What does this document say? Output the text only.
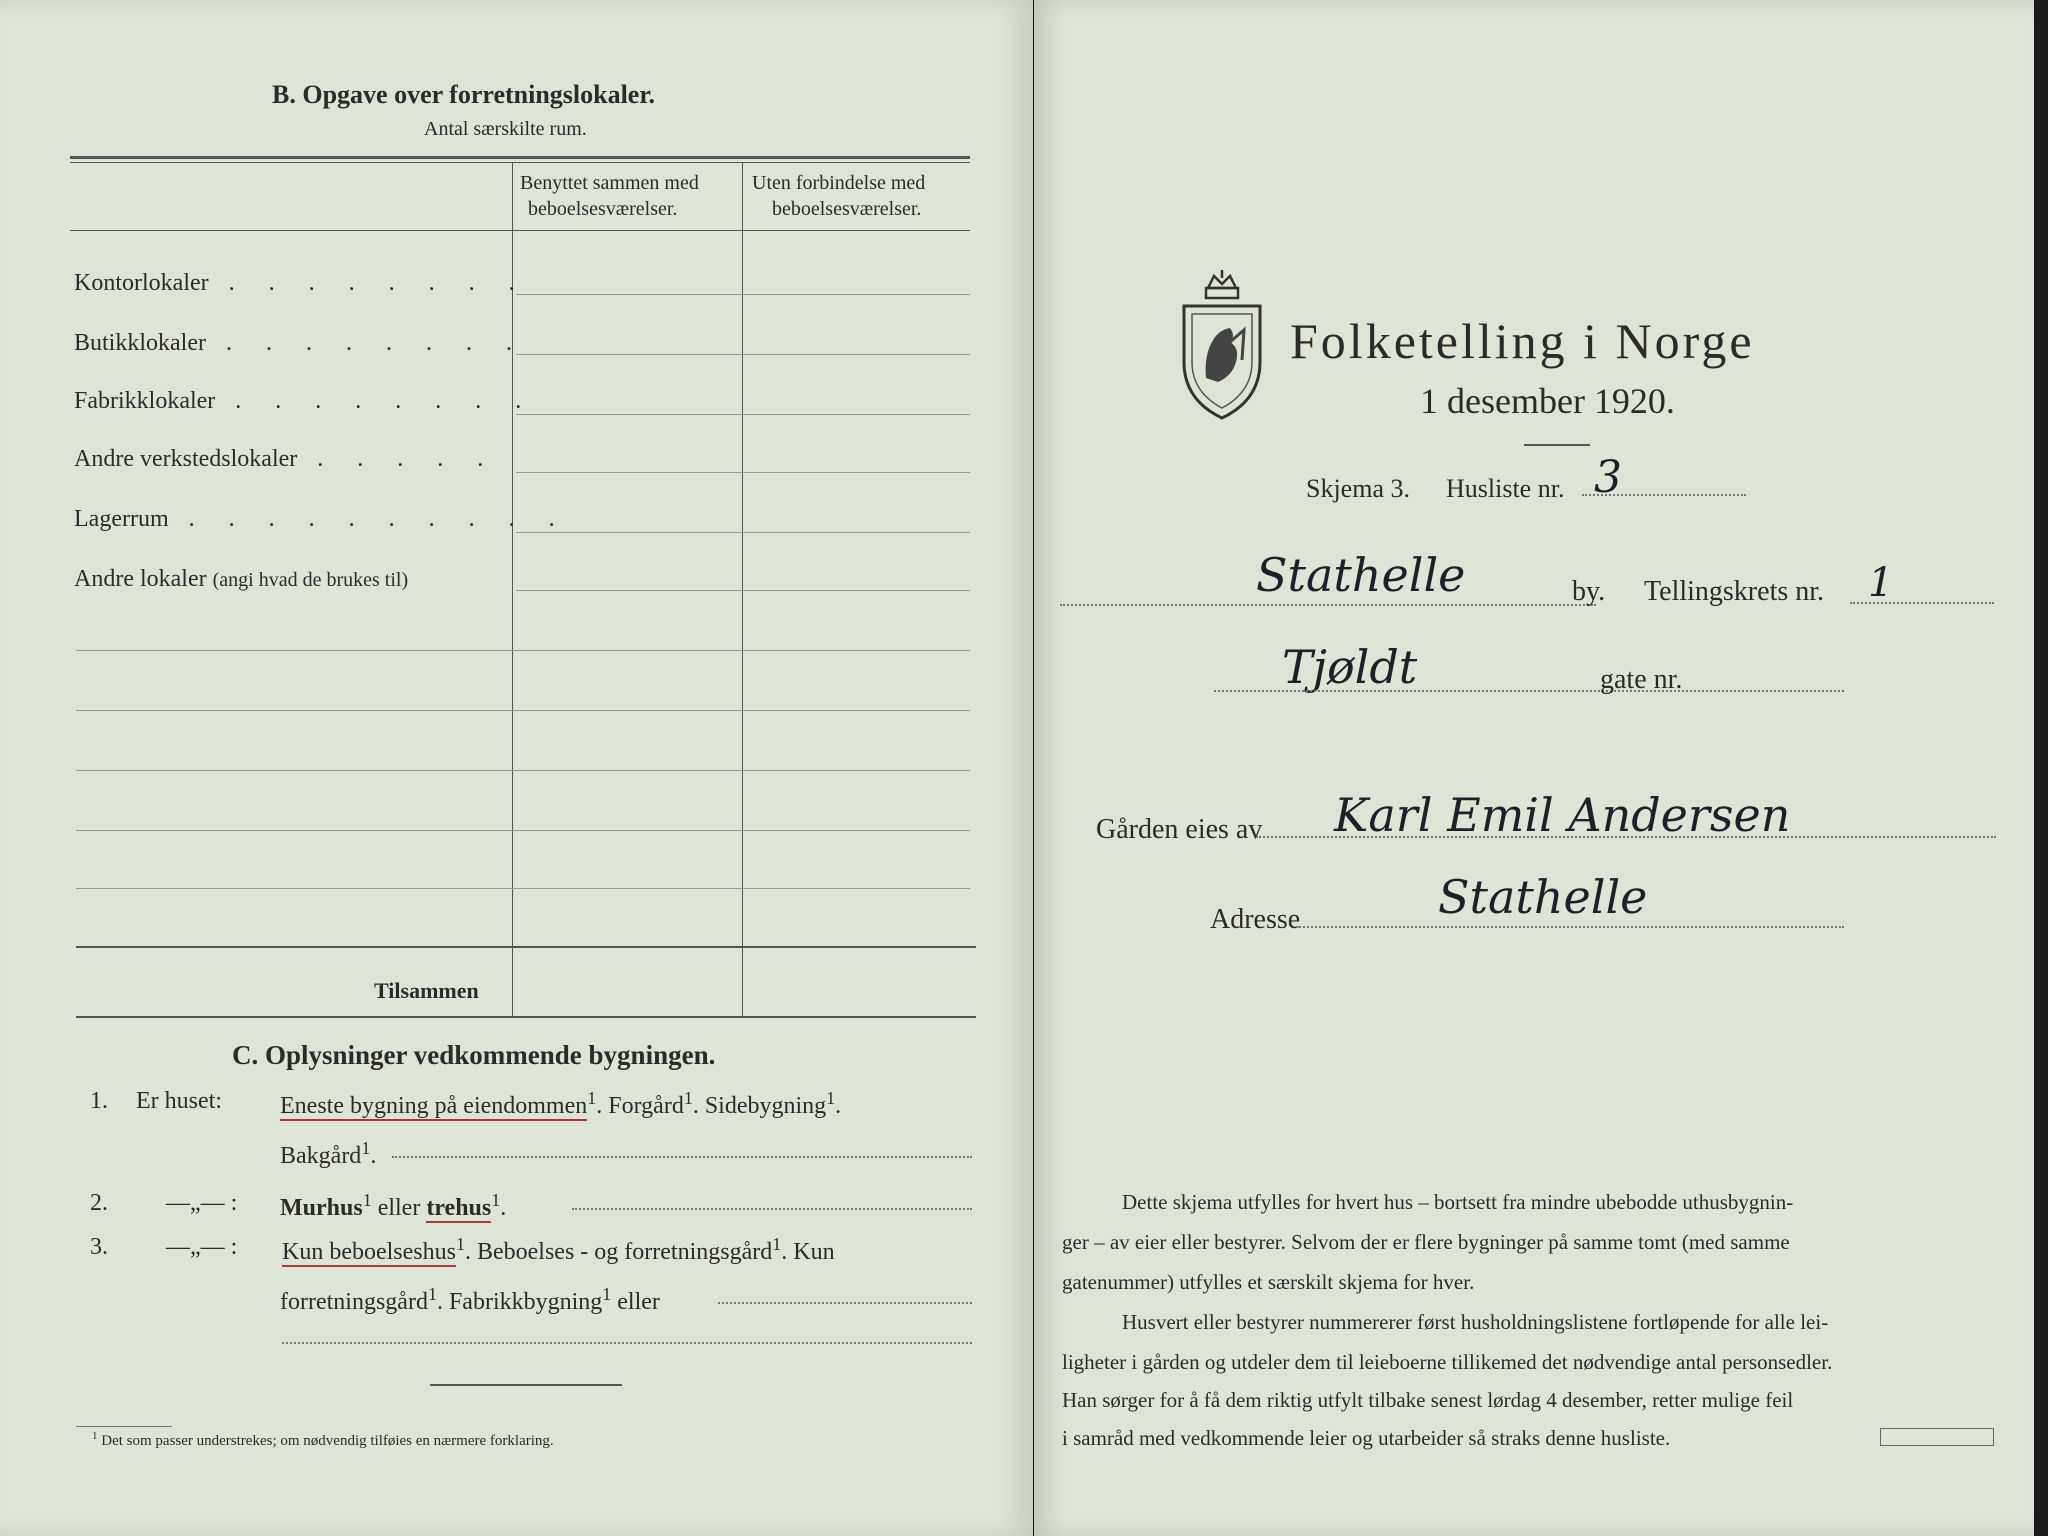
B. Opgave over forretningslokaler.
Antal særskilte rum.
Benyttet sammen med
beboelsesværelser.
Uten forbindelse med
beboelsesværelser.
Kontorlokaler . . . . . . . .
Butikklokaler . . . . . . . .
Fabrikklokaler . . . . . . . .
Andre verkstedslokaler . . . . .
Lagerrum . . . . . . . . . .
Andre lokaler (angi hvad de brukes til)
Tilsammen
C. Oplysninger vedkommende bygningen.
1. Er huset: Eneste bygning på eiendommen$^1$. Forgård$^1$. Sidebygning$^1$.
Bakgård$^1$.
2. —„— : Murhus$^1$ eller trehus$^1$.
3. —„— : Kun beboelseshus$^1$. Beboelses - og forretningsgård$^1$. Kun
forretningsgård$^1$. Fabrikkbygning$^1$ eller
$^1$ Det som passer understrekes; om nødvendig tilføies en nærmere forklaring.
Folketelling i Norge
1 desember 1920.
Skjema 3. Husliste nr. 3
Stathelle	by. Tellingskrets nr. 1
Tjøldt	gate nr.
Gården eies av Karl Emil Andersen
Adresse	Stathelle
Dette skjema utfylles for hvert hus – bortsett fra mindre ubebodde uthusbygnin-
ger – av eier eller bestyrer. Selvom der er flere bygninger på samme tomt (med samme
gatenummer) utfylles et særskilt skjema for hver.
Husvert eller bestyrer nummererer først husholdningslistene fortløpende for alle lei-
ligheter i gården og utdeler dem til leieboerne tillikemed det nødvendige antal personsedler.
Han sørger for å få dem riktig utfylt tilbake senest lørdag 4 desember, retter mulige feil
i samråd med vedkommende leier og utarbeider så straks denne husliste.
